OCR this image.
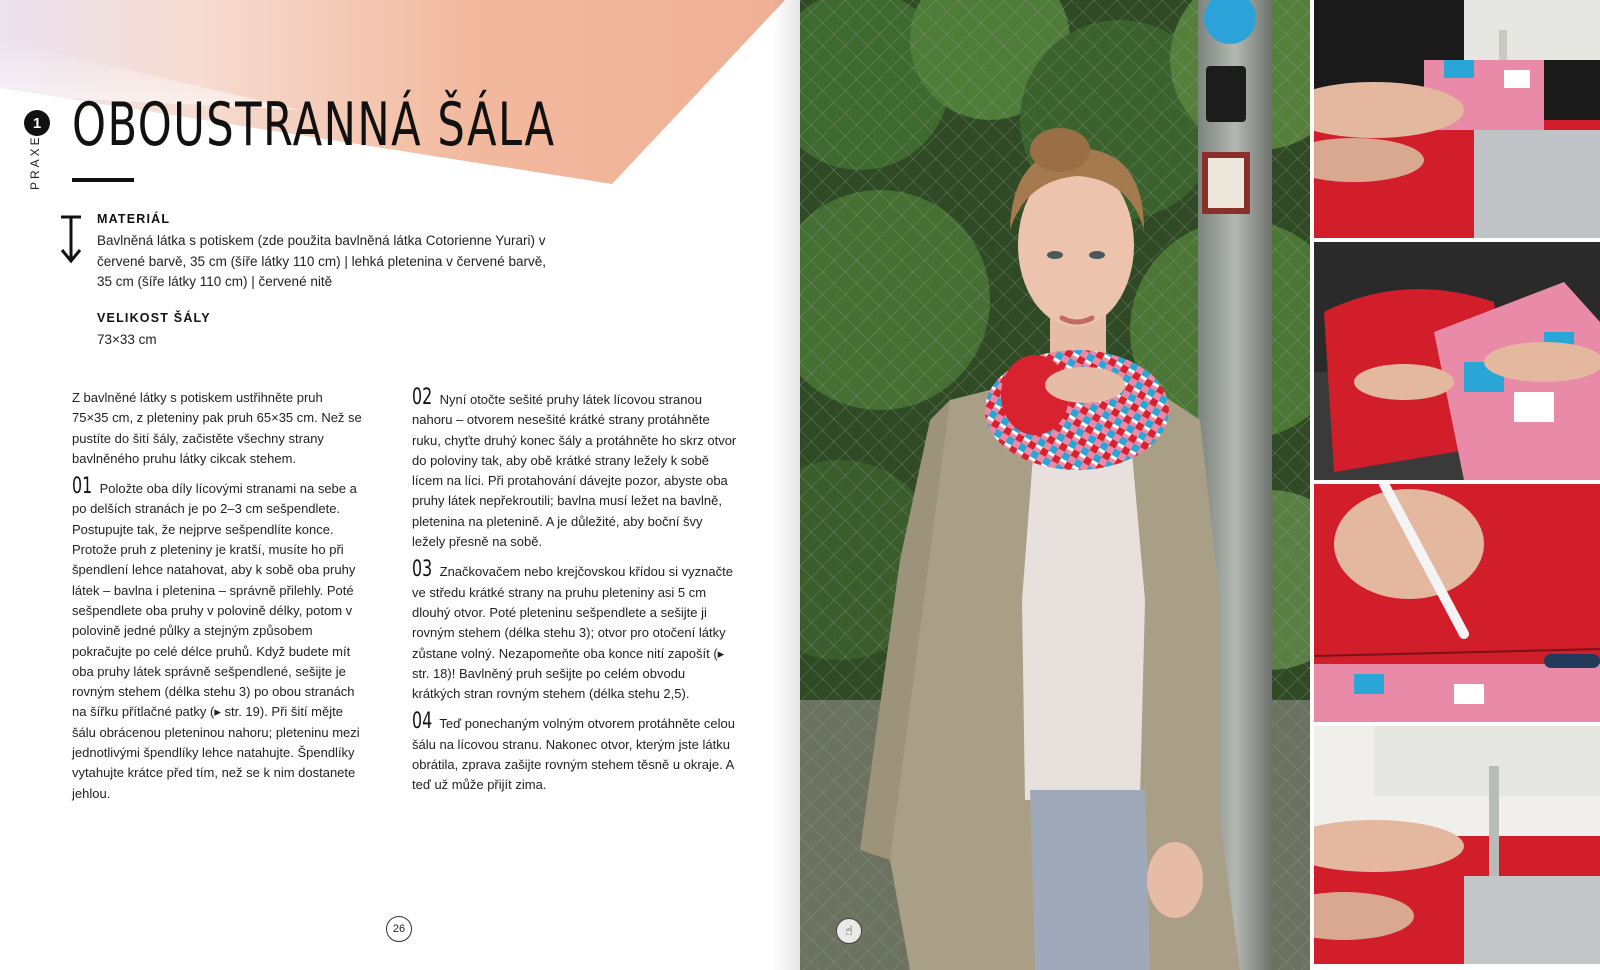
1
PRAXE
OBOUSTRANNÁ ŠÁLA
MATERIÁL

Bavlněná látka s potiskem (zde použita bavlněná látka Cotorienne Yurari) v červené barvě, 35 cm (šíře látky 110 cm) | lehká pletenina v červené barvě, 35 cm (šíře látky 110 cm) | červené nitě

VELIKOST ŠÁLY

73×33 cm

Z bavlněné látky s potiskem ustřihněte pruh 75×35 cm, z pleteniny pak pruh 65×35 cm. Než se pustíte do šití šály, začistěte všechny strany bavlněného pruhu látky cikcak stehem.

01 Položte oba díly lícovými stranami na sebe a po delších stranách je po 2–3 cm sešpendlete. Postupujte tak, že nejprve sešpendlíte konce. Protože pruh z pleteniny je kratší, musíte ho při špendlení lehce natahovat, aby k sobě oba pruhy látek – bavlna i pletenina – správně přilehly. Poté sešpendlete oba pruhy v polovině délky, potom v polovině jedné půlky a stejným způsobem pokračujte po celé délce pruhů. Když budete mít oba pruhy látek správně sešpendlené, sešijte je rovným stehem (délka stehu 3) po obou stranách na šířku přítlačné patky (▸ str. 19). Při šití mějte šálu obrácenou pleteninou nahoru; pleteninu mezi jednotlivými špendlíky lehce natahujte. Špendlíky vytahujte krátce před tím, než se k nim dostanete jehlou.

02 Nyní otočte sešité pruhy látek lícovou stranou nahoru – otvorem nesešité krátké strany protáhněte ruku, chyťte druhý konec šály a protáhněte ho skrz otvor do poloviny tak, aby obě krátké strany ležely k sobě lícem na líci. Při protahování dávejte pozor, abyste oba pruhy látek nepřekroutili; bavlna musí ležet na bavlně, pletenina na pletenině. A je důležité, aby boční švy ležely přesně na sobě.

03 Značkovačem nebo krejčovskou křídou si vyznačte ve středu krátké strany na pruhu pleteniny asi 5 cm dlouhý otvor. Poté pleteninu sešpendlete a sešijte ji rovným stehem (délka stehu 3); otvor pro otočení látky zůstane volný. Nezapomeňte oba konce nití zapošít (▸ str. 18)! Bavlněný pruh sešijte po celém obvodu krátkých stran rovným stehem (délka stehu 2,5).

04 Teď ponechaným volným otvorem protáhněte celou šálu na lícovou stranu. Nakonec otvor, kterým jste látku obrátila, zprava zašijte rovným stehem těsně u okraje. A teď už může přijít zima.

26	☝
